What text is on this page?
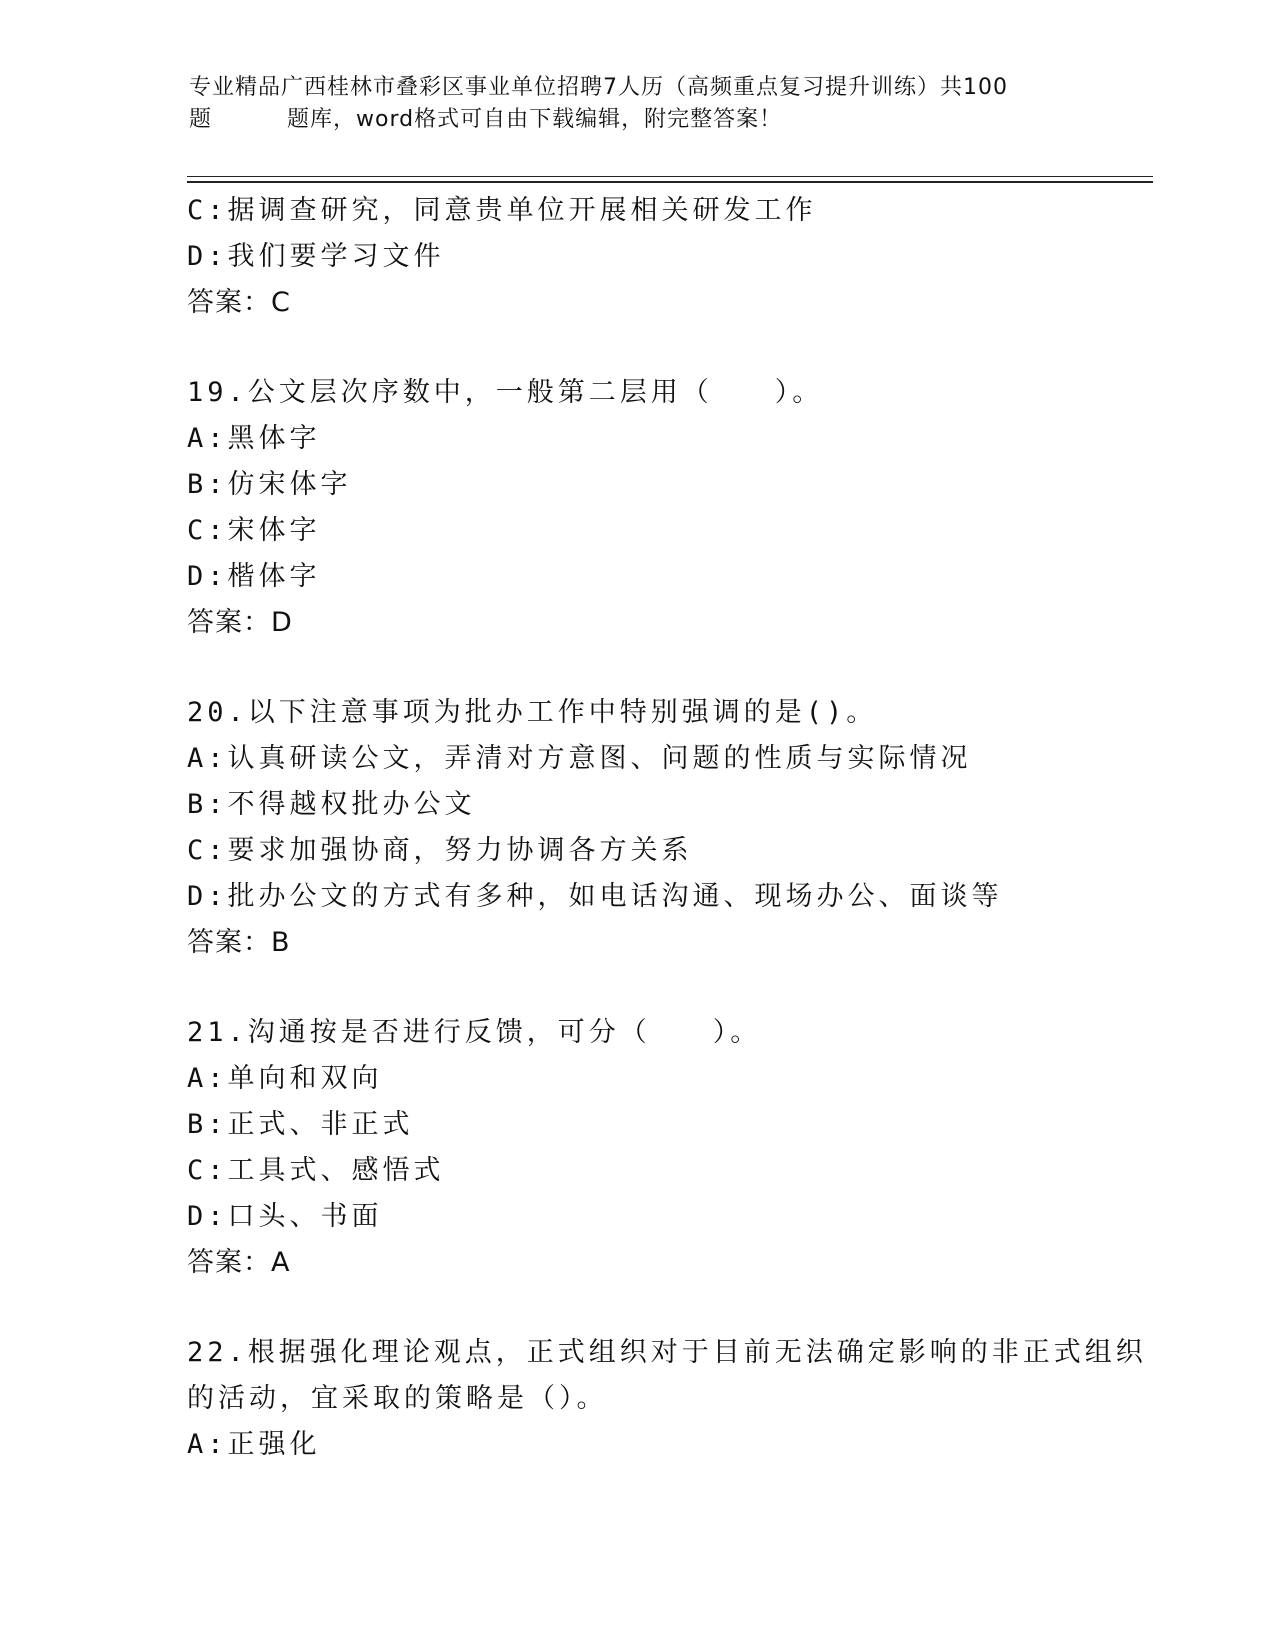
专业精品广西桂林市叠彩区事业单位招聘7人历（高频重点复习提升训练）共100
题	题库，word格式可自由下载编辑，附完整答案！
C:据调查研究，同意贵单位开展相关研发工作
D:我们要学习文件
答案：C
19.公文层次序数中，一般第二层用（　　）。
A:黑体字
B:仿宋体字
C:宋体字
D:楷体字
答案：D
20.以下注意事项为批办工作中特别强调的是()。
A:认真研读公文，弄清对方意图、问题的性质与实际情况
B:不得越权批办公文
C:要求加强协商，努力协调各方关系
D:批办公文的方式有多种，如电话沟通、现场办公、面谈等
答案：B
21.沟通按是否进行反馈，可分（　　）。
A:单向和双向
B:正式、非正式
C:工具式、感悟式
D:口头、书面
答案：A
22.根据强化理论观点，正式组织对于目前无法确定影响的非正式组织
的活动，宜采取的策略是（）。
A:正强化
